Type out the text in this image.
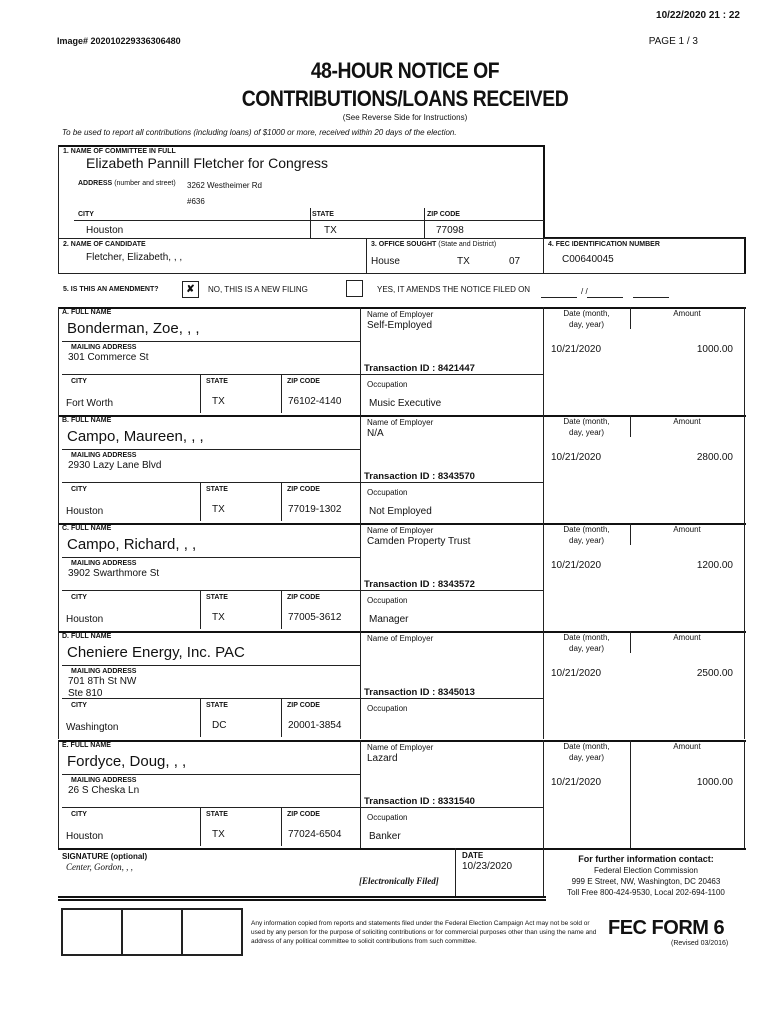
10/22/2020 21 : 22
Image# 202010229336306480	PAGE 1 / 3
48-HOUR NOTICE OF
CONTRIBUTIONS/LOANS RECEIVED
(See Reverse Side for Instructions)
To be used to report all contributions (including loans) of $1000 or more, received within 20 days of the election.
1. NAME OF COMMITTEE IN FULL
Elizabeth Pannill Fletcher for Congress
ADDRESS (number and street) 3262 Westheimer Rd
#636
CITY	STATE	ZIP CODE
Houston	TX	77098
2. NAME OF CANDIDATE
Fletcher, Elizabeth, , ,
3. OFFICE SOUGHT (State and District)
House	TX	07
4. FEC IDENTIFICATION NUMBER
C00640045
5. IS THIS AN AMENDMENT?	✘	NO, THIS IS A NEW FILING	YES, IT AMENDS THE NOTICE FILED ON	/ /
A. FULL NAME
Bonderman, Zoe, , ,
MAILING ADDRESS
301 Commerce St
CITY	STATE	ZIP CODE
Fort Worth	TX	76102-4140
Name of Employer
Self-Employed
Transaction ID : 8421447
Occupation
Music Executive
Date (month,
day, year)
Amount
10/21/2020	1000.00
B. FULL NAME
Campo, Maureen, , ,
MAILING ADDRESS
2930 Lazy Lane Blvd
CITY	STATE	ZIP CODE
Houston	TX	77019-1302
Name of Employer
N/A
Transaction ID : 8343570
Occupation
Not Employed
Date (month,
day, year)
Amount
10/21/2020	2800.00
C. FULL NAME
Campo, Richard, , ,
MAILING ADDRESS
3902 Swarthmore St
CITY	STATE	ZIP CODE
Houston	TX	77005-3612
Name of Employer
Camden Property Trust
Transaction ID : 8343572
Occupation
Manager
Date (month,
day, year)
Amount
10/21/2020	1200.00
D. FULL NAME
Cheniere Energy, Inc. PAC
MAILING ADDRESS
701 8Th St NW
Ste 810
CITY	STATE	ZIP CODE
Washington	DC	20001-3854
Name of Employer
Transaction ID : 8345013
Occupation
Date (month,
day, year)
Amount
10/21/2020	2500.00
E. FULL NAME
Fordyce, Doug, , ,
MAILING ADDRESS
26 S Cheska Ln
CITY	STATE	ZIP CODE
Houston	TX	77024-6504
Name of Employer
Lazard
Transaction ID : 8331540
Occupation
Banker
Date (month,
day, year)
Amount
10/21/2020	1000.00
SIGNATURE (optional)
Center, Gordon, , ,
[Electronically Filed]
DATE
10/23/2020
For further information contact:
Federal Election Commission
999 E Street, NW, Washington, DC 20463
Toll Free 800-424-9530, Local 202-694-1100
Any information copied from reports and statements filed under the Federal Election Campaign Act may not be sold or used by any person for the purpose of soliciting contributions or for commercial purposes other than using the name and address of any political committee to solicit contributions from such committee.
FEC FORM 6
(Revised 03/2016)
